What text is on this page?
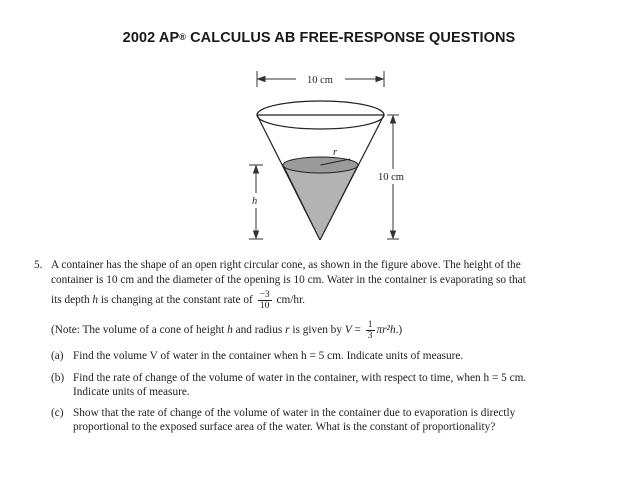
2002 AP® CALCULUS AB FREE-RESPONSE QUESTIONS
10 cm
r
10 cm
h
5. A container has the shape of an open right circular cone, as shown in the figure above. The height of the
container is 10 cm and the diameter of the opening is 10 cm. Water in the container is evaporating so that
its depth h is changing at the constant rate of $\frac{-3}{10} cm/hr$.
(Note: The volume of a cone of height h and radius r is given by $V = \frac{1}{3} \pi r^2h$.)
(a) Find the volume V of water in the container when h = 5 cm. Indicate units of measure.
(b) Find the rate of change of the volume of water in the container, with respect to time, when h = 5 cm.
Indicate units of measure.
(c) Show that the rate of change of the volume of water in the container due to evaporation is directly
proportional to the exposed surface area of the water. What is the constant of proportionality?
